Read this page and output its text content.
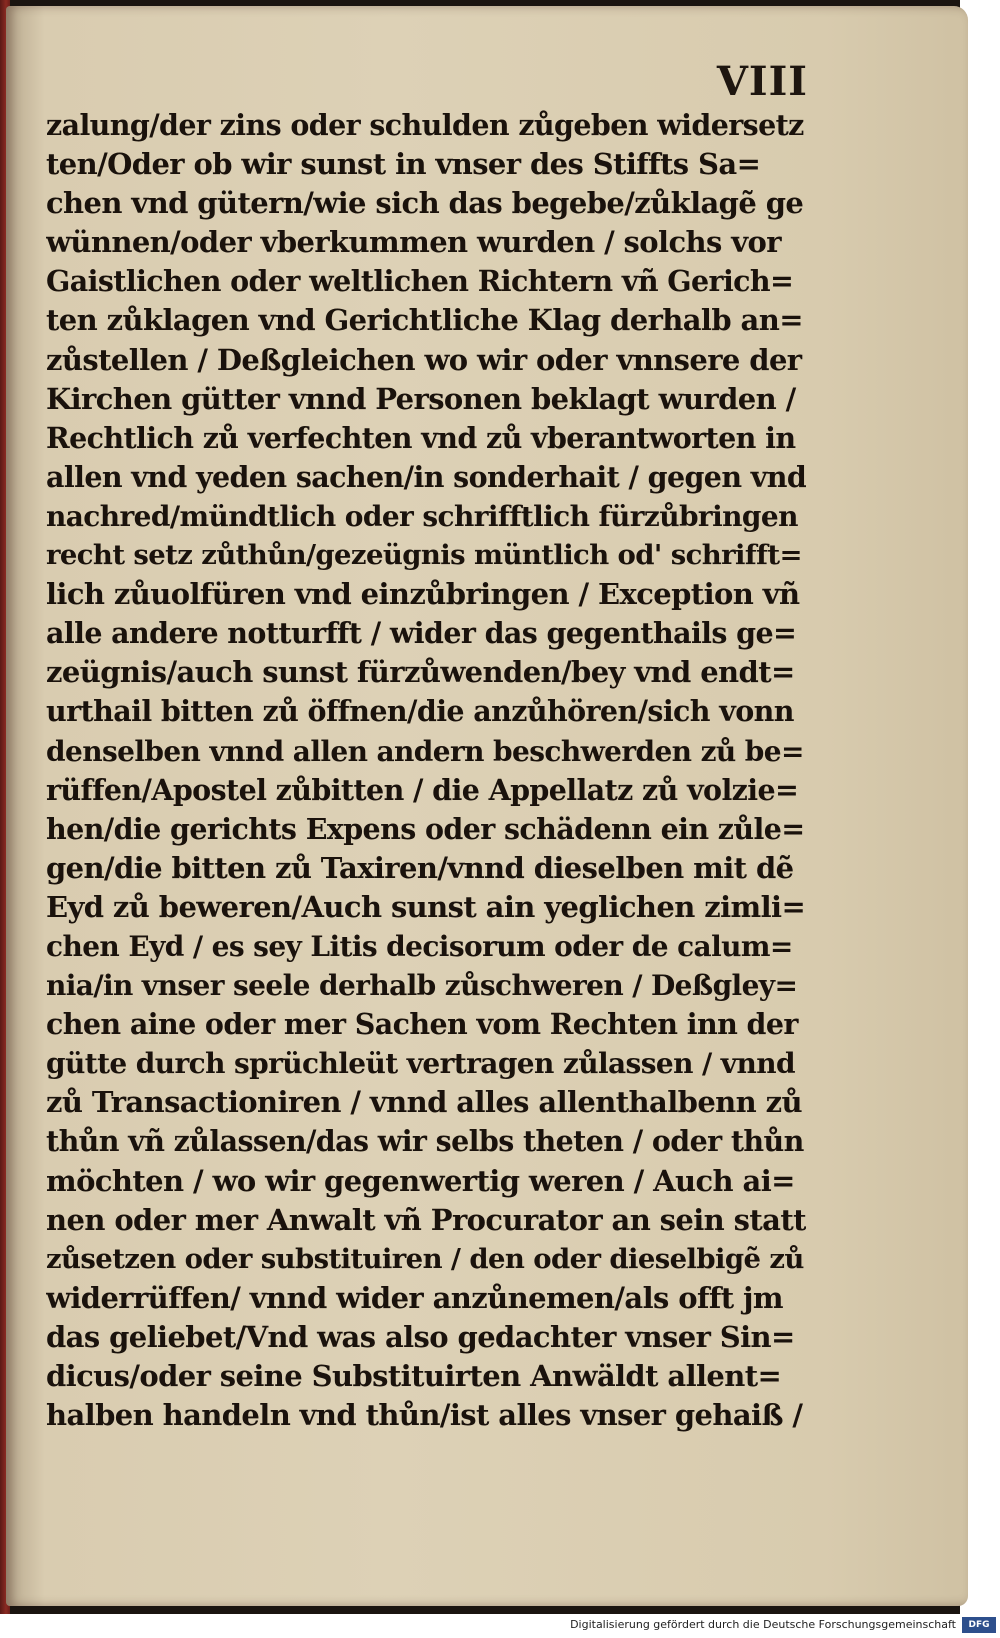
VIII
zalung/der zins oder schulden zůgeben widersetz
ten/Oder ob wir sunst in vnser des Stiffts Sa=
chen vnd gütern/wie sich das begebe/zůklagẽ ge
wünnen/oder vberkummen wurden / solchs vor
Gaistlichen oder weltlichen Richtern vñ Gerich=
ten zůklagen vnd Gerichtliche Klag derhalb an=
zůstellen / Deßgleichen wo wir oder vnnsere der
Kirchen gütter vnnd Personen beklagt wurden /
Rechtlich zů verfechten vnd zů vberantworten in
allen vnd yeden sachen/in sonderhait / gegen vnd
nachred/mündtlich oder schrifftlich fürzůbringen
recht setz zůthůn/gezeügnis müntlich od' schrifft=
lich zůuolfüren vnd einzůbringen / Exception vñ
alle andere notturfft / wider das gegenthails ge=
zeügnis/auch sunst fürzůwenden/bey vnd endt=
urthail bitten zů öffnen/die anzůhören/sich vonn
denselben vnnd allen andern beschwerden zů be=
rüffen/Apostel zůbitten / die Appellatz zů volzie=
hen/die gerichts Expens oder schädenn ein zůle=
gen/die bitten zů Taxiren/vnnd dieselben mit dẽ
Eyd zů beweren/Auch sunst ain yeglichen zimli=
chen Eyd / es sey Litis decisorum oder de calum=
nia/in vnser seele derhalb zůschweren / Deßgley=
chen aine oder mer Sachen vom Rechten inn der
gütte durch sprüchleüt vertragen zůlassen / vnnd
zů Transactioniren / vnnd alles allenthalbenn zů
thůn vñ zůlassen/das wir selbs theten / oder thůn
möchten / wo wir gegenwertig weren / Auch ai=
nen oder mer Anwalt vñ Procurator an sein statt
zůsetzen oder substituiren / den oder dieselbigẽ zů
widerrüffen/ vnnd wider anzůnemen/als offt jm
das geliebet/Vnd was also gedachter vnser Sin=
dicus/oder seine Substituirten Anwäldt allent=
halben handeln vnd thůn/ist alles vnser gehaiß /
Digitalisierung gefördert durch die Deutsche Forschungsgemeinschaft	DFG
